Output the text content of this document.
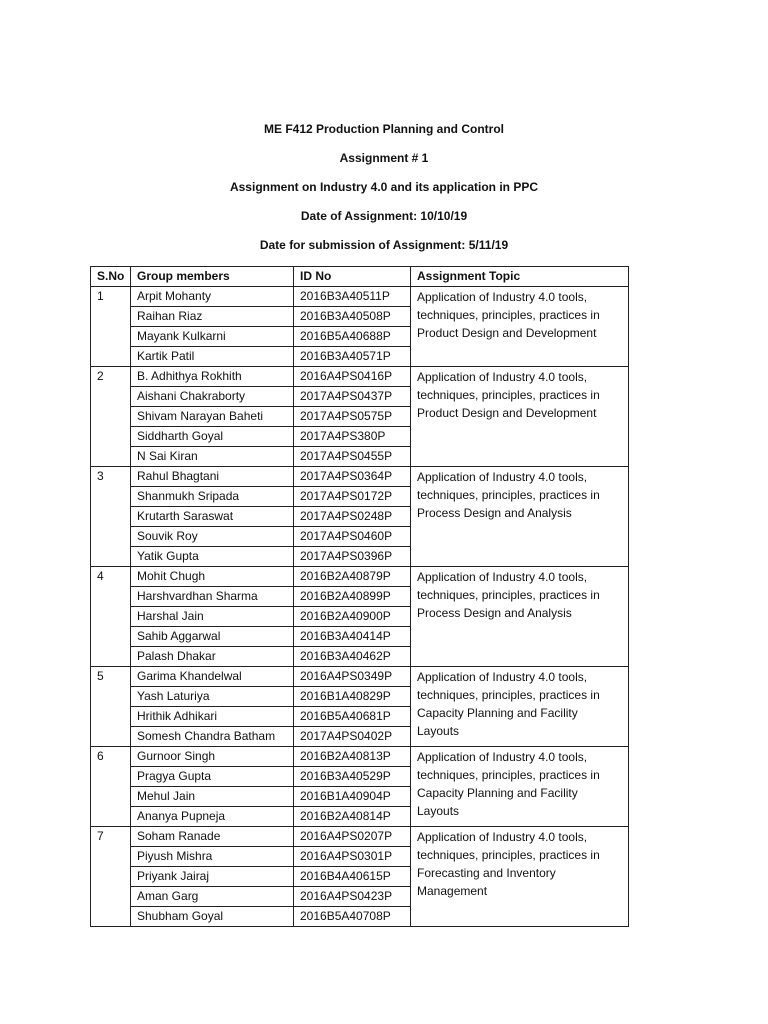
ME F412 Production Planning and Control
Assignment # 1
Assignment on Industry 4.0 and its application in PPC
Date of Assignment: 10/10/19
Date for submission of Assignment: 5/11/19
S.No	Group members	ID No	Assignment Topic
1	Arpit Mohanty	2016B3A40511P	Application of Industry 4.0 tools, techniques, principles, practices in Product Design and Development
	Raihan Riaz	2016B3A40508P	
	Mayank Kulkarni	2016B5A40688P	
	Kartik Patil	2016B3A40571P	
2	B. Adhithya Rokhith	2016A4PS0416P	Application of Industry 4.0 tools, techniques, principles, practices in Product Design and Development
	Aishani Chakraborty	2017A4PS0437P	
	Shivam Narayan Baheti	2017A4PS0575P	
	Siddharth Goyal	2017A4PS380P	
	N Sai Kiran	2017A4PS0455P	
3	Rahul Bhagtani	2017A4PS0364P	Application of Industry 4.0 tools, techniques, principles, practices in Process Design and Analysis
	Shanmukh Sripada	2017A4PS0172P	
	Krutarth Saraswat	2017A4PS0248P	
	Souvik Roy	2017A4PS0460P	
	Yatik Gupta	2017A4PS0396P	
4	Mohit Chugh	2016B2A40879P	Application of Industry 4.0 tools, techniques, principles, practices in Process Design and Analysis
	Harshvardhan Sharma	2016B2A40899P	
	Harshal Jain	2016B2A40900P	
	Sahib Aggarwal	2016B3A40414P	
	Palash Dhakar	2016B3A40462P	
5	Garima Khandelwal	2016A4PS0349P	Application of Industry 4.0 tools, techniques, principles, practices in Capacity Planning and Facility Layouts
	Yash Laturiya	2016B1A40829P	
	Hrithik Adhikari	2016B5A40681P	
	Somesh Chandra Batham	2017A4PS0402P	
6	Gurnoor Singh	2016B2A40813P	Application of Industry 4.0 tools, techniques, principles, practices in Capacity Planning and Facility Layouts
	Pragya Gupta	2016B3A40529P	
	Mehul Jain	2016B1A40904P	
	Ananya Pupneja	2016B2A40814P	
7	Soham Ranade	2016A4PS0207P	Application of Industry 4.0 tools, techniques, principles, practices in Forecasting and Inventory Management
	Piyush Mishra	2016A4PS0301P	
	Priyank Jairaj	2016B4A40615P	
	Aman Garg	2016A4PS0423P	
	Shubham Goyal	2016B5A40708P	
